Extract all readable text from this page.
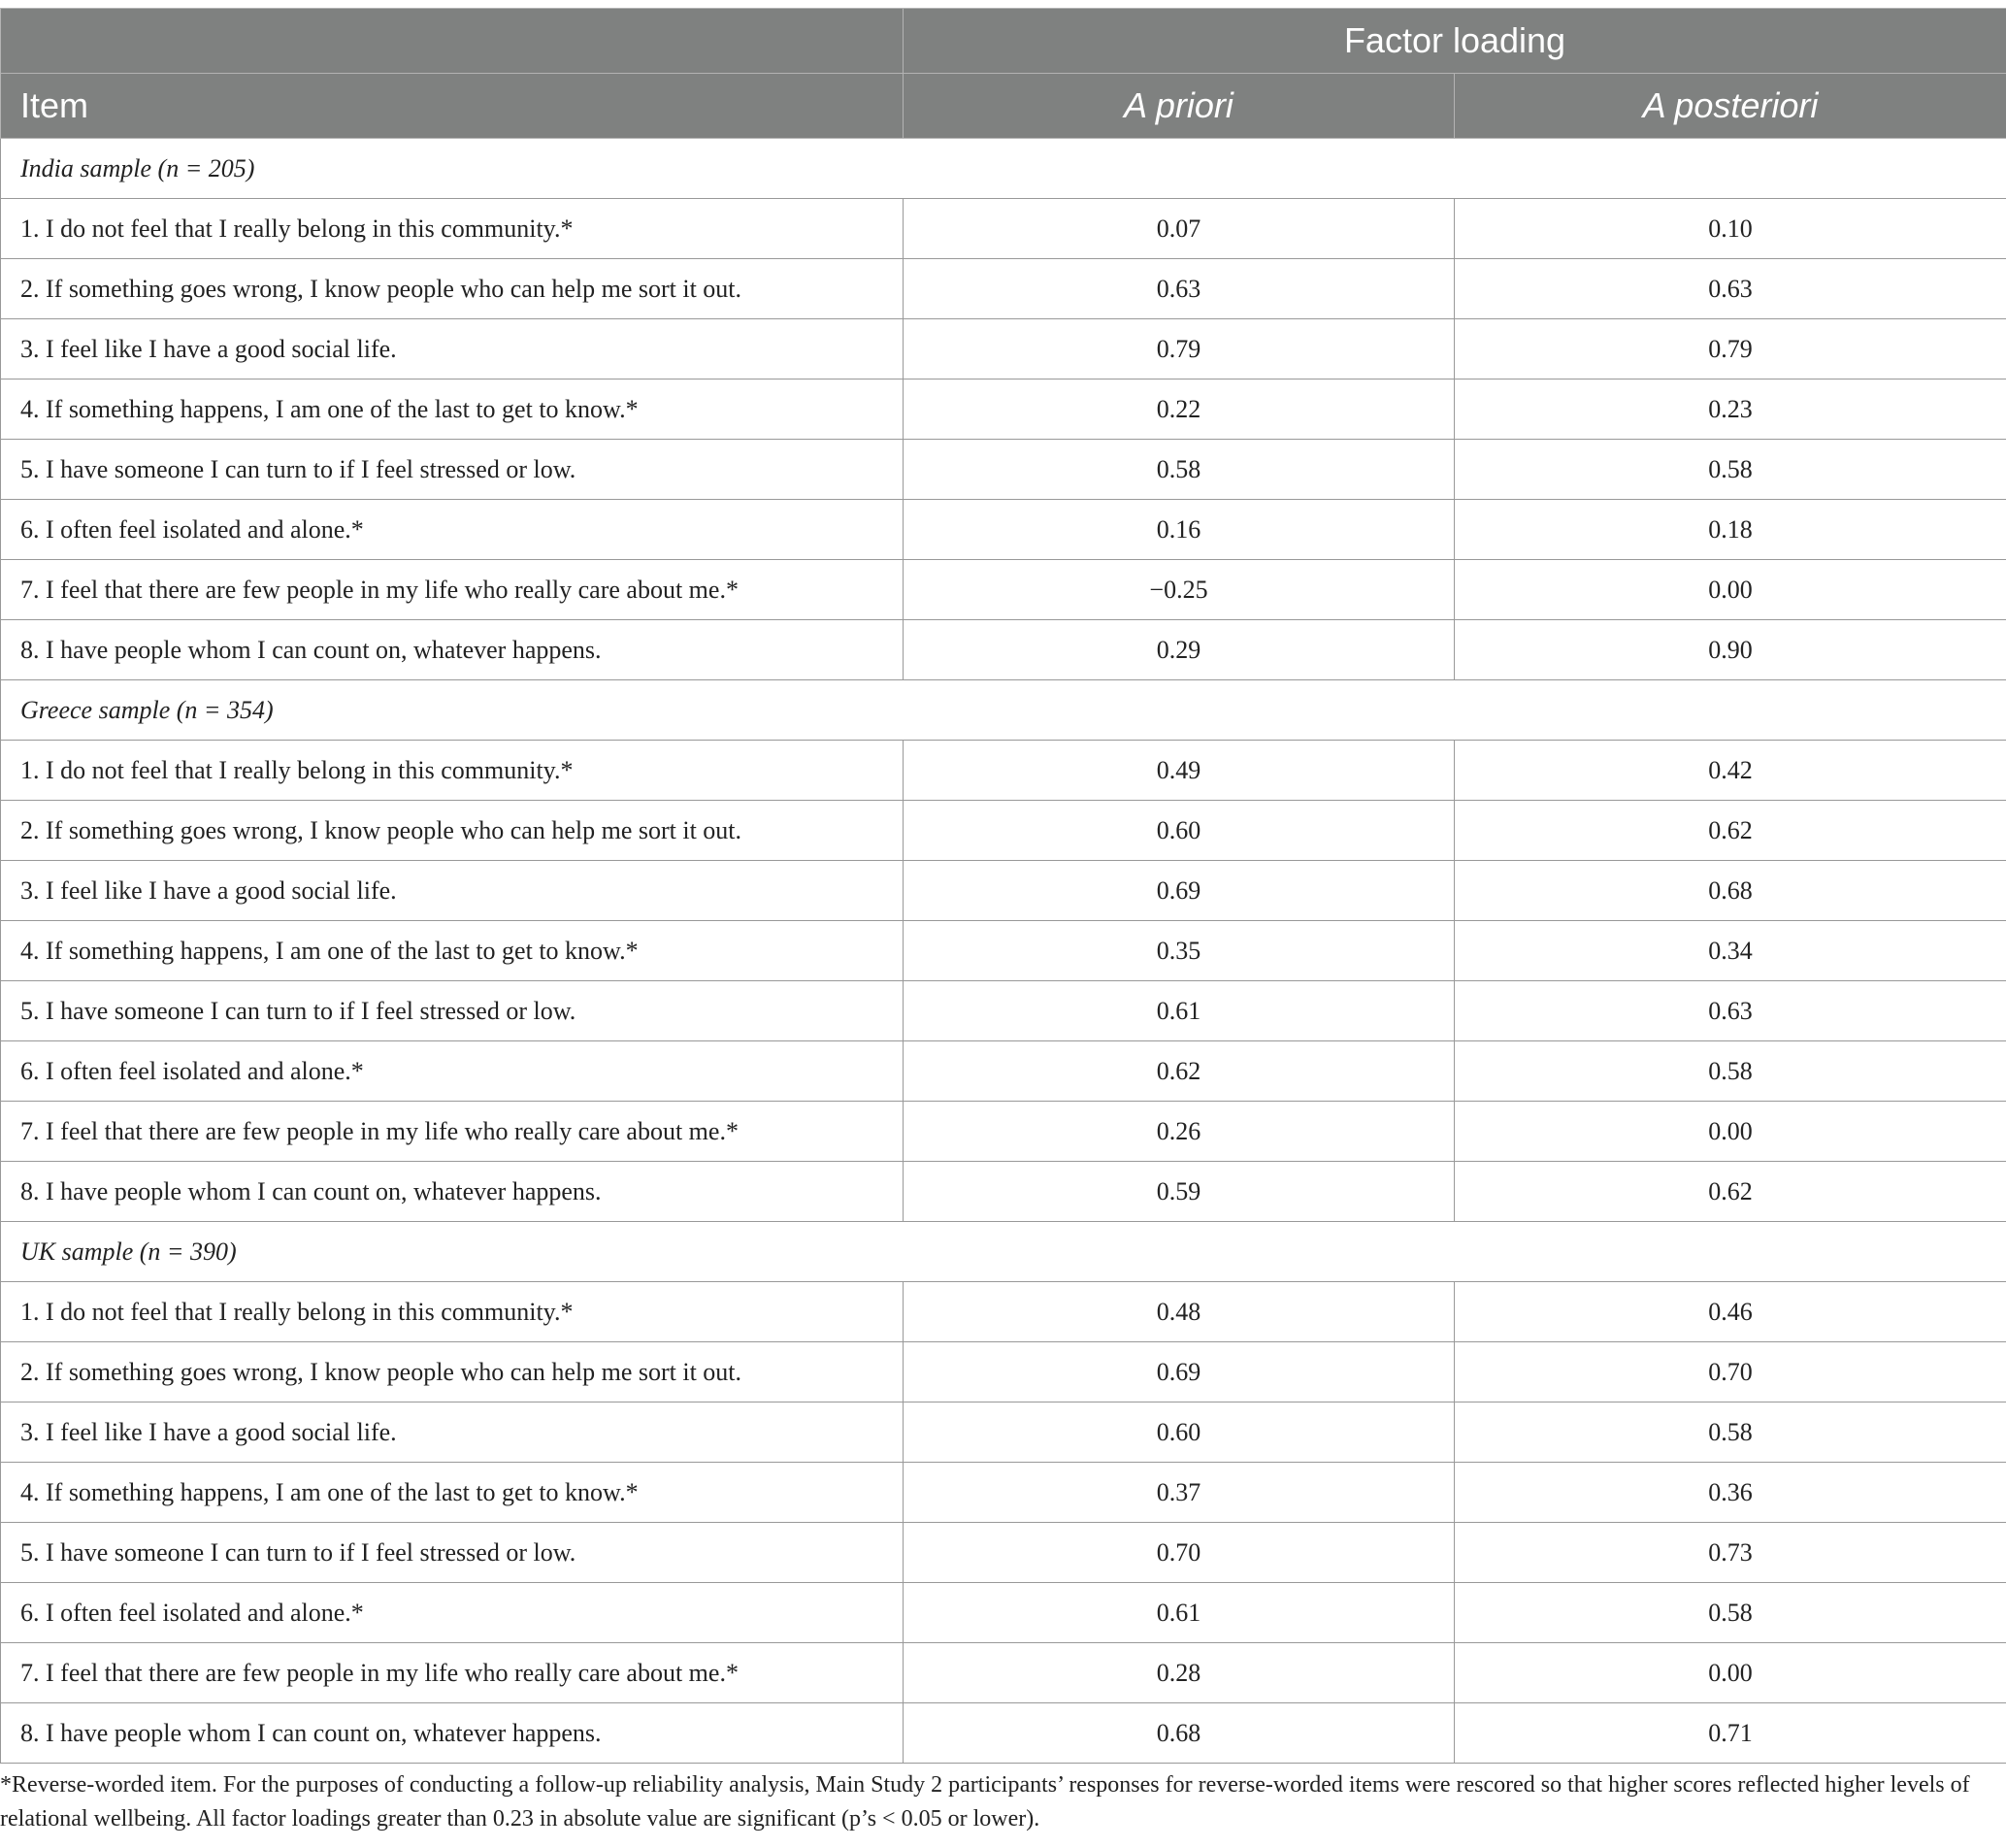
	Factor loading	
Item	A priori	A posteriori
India sample (n = 205)		
1. I do not feel that I really belong in this community.*	0.07	0.10
2. If something goes wrong, I know people who can help me sort it out.	0.63	0.63
3. I feel like I have a good social life.	0.79	0.79
4. If something happens, I am one of the last to get to know.*	0.22	0.23
5. I have someone I can turn to if I feel stressed or low.	0.58	0.58
6. I often feel isolated and alone.*	0.16	0.18
7. I feel that there are few people in my life who really care about me.*	−0.25	0.00
8. I have people whom I can count on, whatever happens.	0.29	0.90
Greece sample (n = 354)		
1. I do not feel that I really belong in this community.*	0.49	0.42
2. If something goes wrong, I know people who can help me sort it out.	0.60	0.62
3. I feel like I have a good social life.	0.69	0.68
4. If something happens, I am one of the last to get to know.*	0.35	0.34
5. I have someone I can turn to if I feel stressed or low.	0.61	0.63
6. I often feel isolated and alone.*	0.62	0.58
7. I feel that there are few people in my life who really care about me.*	0.26	0.00
8. I have people whom I can count on, whatever happens.	0.59	0.62
UK sample (n = 390)		
1. I do not feel that I really belong in this community.*	0.48	0.46
2. If something goes wrong, I know people who can help me sort it out.	0.69	0.70
3. I feel like I have a good social life.	0.60	0.58
4. If something happens, I am one of the last to get to know.*	0.37	0.36
5. I have someone I can turn to if I feel stressed or low.	0.70	0.73
6. I often feel isolated and alone.*	0.61	0.58
7. I feel that there are few people in my life who really care about me.*	0.28	0.00
8. I have people whom I can count on, whatever happens.	0.68	0.71
*Reverse-worded item. For the purposes of conducting a follow-up reliability analysis, Main Study 2 participants’ responses for reverse-worded items were rescored so that higher scores reflected higher levels of relational wellbeing. All factor loadings greater than 0.23 in absolute value are significant (p’s < 0.05 or lower).
